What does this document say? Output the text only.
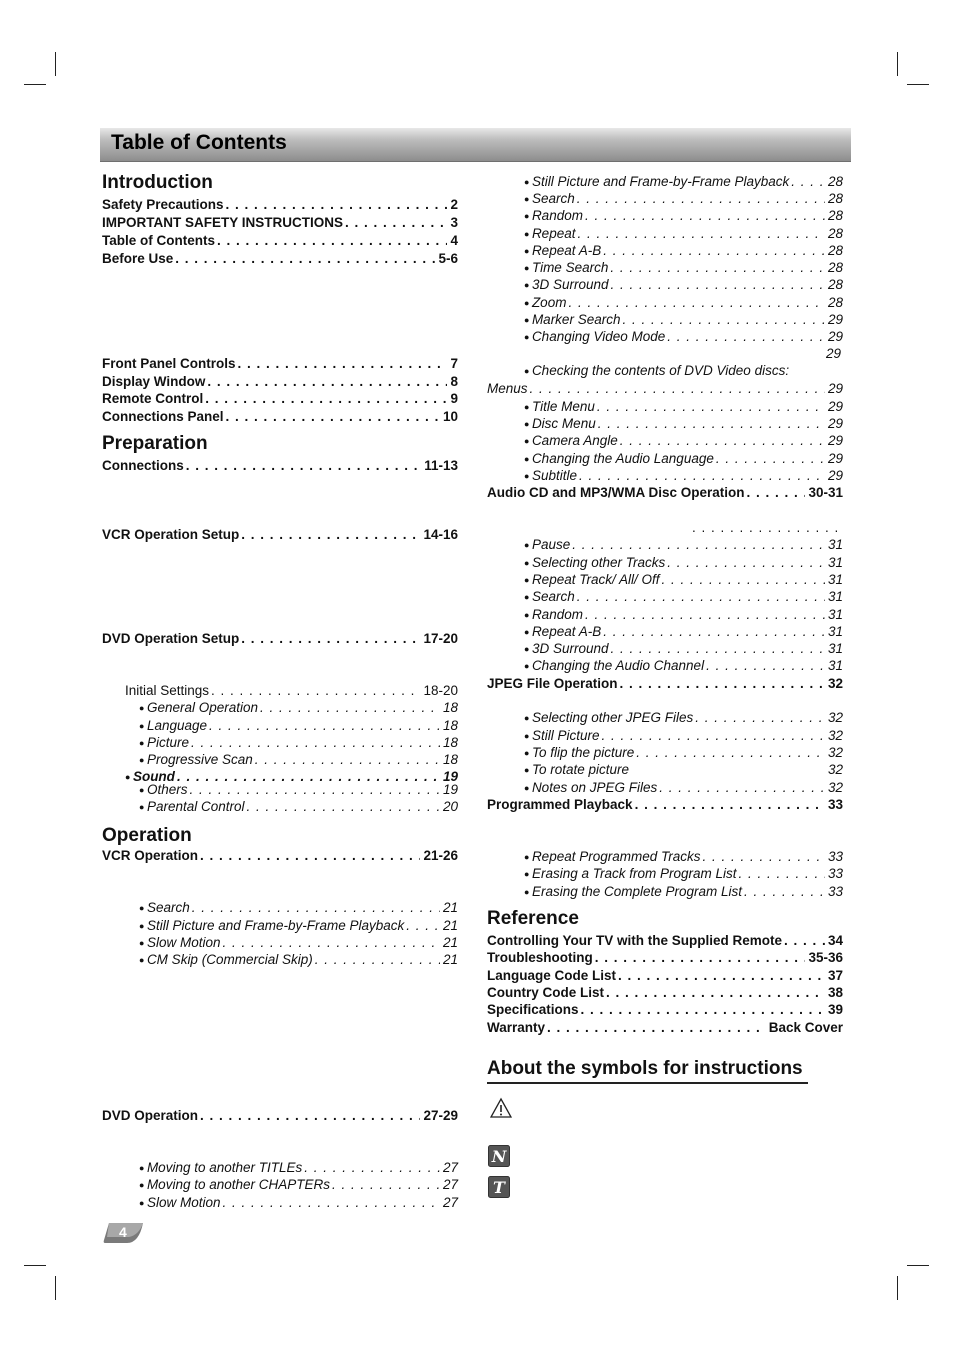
Table of Contents
Introduction
Safety Precautions . . .	2
IMPORTANT SAFETY INSTRUCTIONS . . .	3
Table of Contents . . .	4
Before Use . . .	5-6
Front Panel Controls . . .	7
Display Window . . .	8
Remote Control . . .	9
Connections Panel . . .	10
Preparation
Connections . . .	11-13
VCR Operation Setup . . .	14-16
DVD Operation Setup . . .	17-20
Initial Settings . . .	18-20
● General Operation . . .	18
● Language . . .	18
● Picture . . .	18
● Progressive Scan . . .	18
● Sound . . .	19
● Others . . .	19
● Parental Control . . .	20
Operation
VCR Operation . . .	21-26
● Search . . .	21
● Still Picture and Frame-by-Frame Playback . . .	21
● Slow Motion . . .	21
● CM Skip (Commercial Skip) . . .	21
DVD Operation . . .	27-29
● Moving to another TITLEs . . .	27
● Moving to another CHAPTERs . . .	27
● Slow Motion . . .	27
● Still Picture and Frame-by-Frame Playback . . .	28
● Search . . .	28
● Random . . .	28
● Repeat . . .	28
● Repeat A-B . . .	28
● Time Search . . .	28
● 3D Surround . . .	28
● Zoom . . .	28
● Marker Search . . .	29
● Changing Video Mode . . .	29
29
● Checking the contents of DVD Video discs:
Menus . . .	29
● Title Menu . . .	29
● Disc Menu . . .	29
● Camera Angle . . .	29
● Changing the Audio Language . . .	29
● Subtitle . . .	29
Audio CD and MP3/WMA Disc Operation . . .	30-31
. . . . . . . . . . . . . . . .
● Pause . . .	31
● Selecting other Tracks . . .	31
● Repeat Track/ All/ Off . . .	31
● Search . . .	31
● Random . . .	31
● Repeat A-B . . .	31
● 3D Surround . . .	31
● Changing the Audio Channel . . .	31
JPEG File Operation . . .	32
● Selecting other JPEG Files . . .	32
● Still Picture . . .	32
● To flip the picture . . .	32
● To rotate picture	32
● Notes on JPEG Files . . .	32
Programmed Playback . . .	33
● Repeat Programmed Tracks . . .	33
● Erasing a Track from Program List . . .	33
● Erasing the Complete Program List . . .	33
Reference
Controlling Your TV with the Supplied Remote . . .	34
Troubleshooting . . .	35-36
Language Code List . . .	37
Country Code List . . .	38
Specifications . . .	39
Warranty . . .	Back Cover
About the symbols for instructions
N
T
4
